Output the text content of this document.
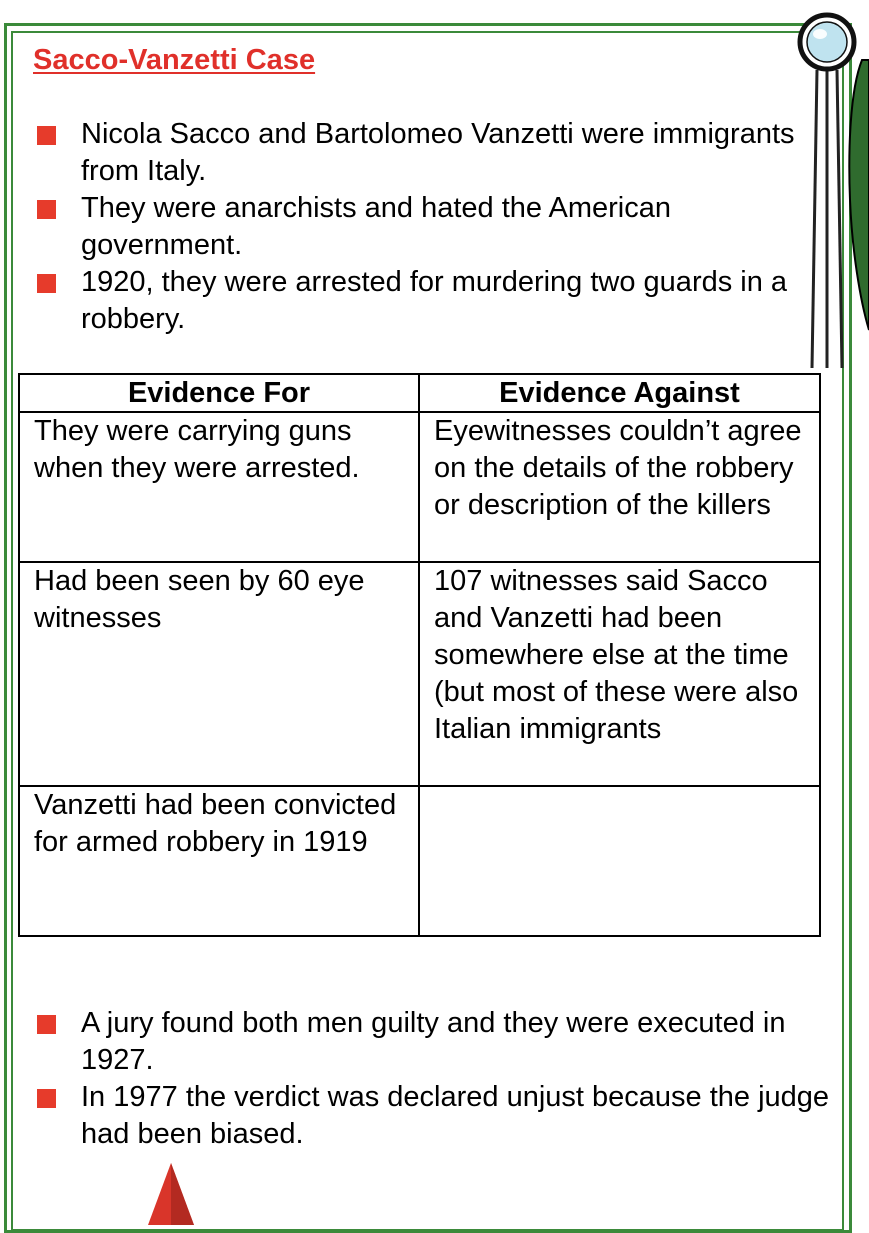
Sacco-Vanzetti Case
Nicola Sacco and Bartolomeo Vanzetti were immigrants from Italy.
They were anarchists and hated the American government.
1920, they were arrested for murdering two guards in a robbery.
Evidence For	Evidence Against
They were carrying guns when they were arrested.	Eyewitnesses couldn’t agree on the details of the robbery or description of the killers
Had been seen by 60 eye witnesses	107 witnesses said Sacco and Vanzetti had been somewhere else at the time (but most of these were also Italian immigrants
Vanzetti had been convicted for armed robbery in 1919	
A jury found both men guilty and they were executed in 1927.
In 1977 the verdict was declared unjust because the judge had been biased.
